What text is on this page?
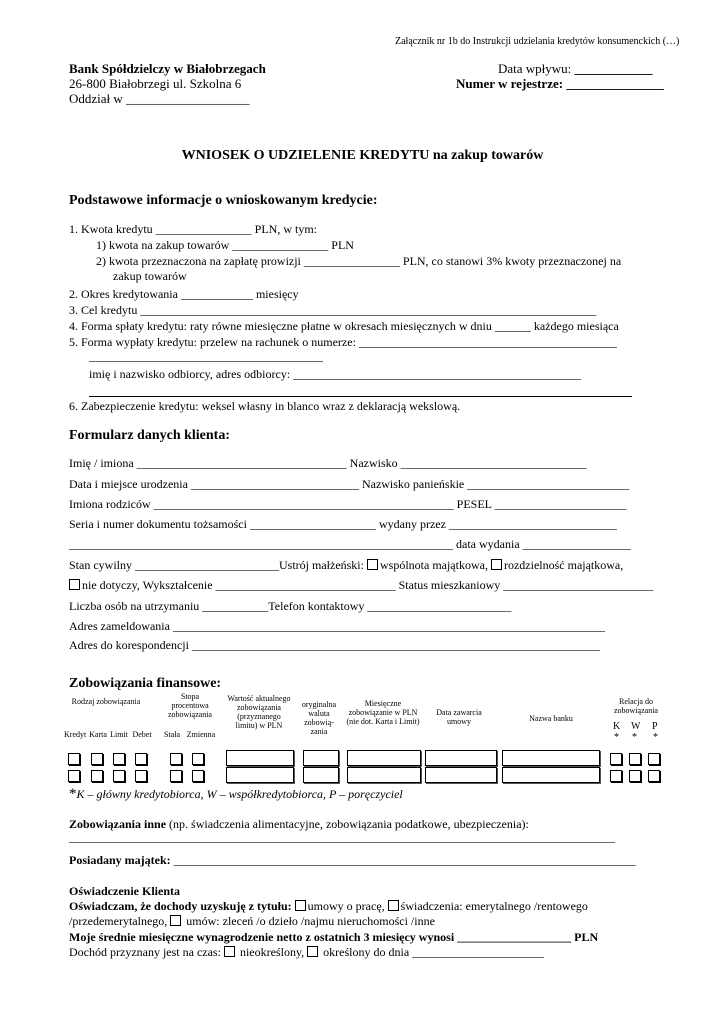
Załącznik nr 1b do Instrukcji udzielania kredytów konsumenckich (…)
Bank Spółdzielczy w Białobrzegach
26-800 Białobrzegi ul. Szkolna 6
Oddział w ___________________
Data wpływu: ____________
Numer w rejestrze: _______________
WNIOSEK O UDZIELENIE KREDYTU na zakup towarów
Podstawowe informacje o wnioskowanym kredycie:
1. Kwota kredytu ________________ PLN, w tym:
1) kwota na zakup towarów ________________ PLN
2) kwota przeznaczona na zapłatę prowizji ________________ PLN, co stanowi 3% kwoty przeznaczonej na
zakup towarów
2. Okres kredytowania ____________ miesięcy
3. Cel kredytu ____________________________________________________________________________
4. Forma spłaty kredytu: raty równe miesięczne płatne w okresach miesięcznych w dniu ______ każdego miesiąca
5. Forma wypłaty kredytu: przelew na rachunek o numerze: ___________________________________________
_______________________________________
imię i nazwisko odbiorcy, adres odbiorcy: ________________________________________________
6. Zabezpieczenie kredytu: weksel własny in blanco wraz z deklaracją wekslową.
Formularz danych klienta:
Imię / imiona ___________________________________ Nazwisko _______________________________
Data i miejsce urodzenia ____________________________ Nazwisko panieńskie ___________________________
Imiona rodziców __________________________________________________ PESEL ______________________
Seria i numer dokumentu tożsamości _____________________ wydany przez ____________________________
________________________________________________________________ data wydania __________________
Stan cywilny ________________________Ustrój małżeński: wspólnota majątkowa, rozdzielność majątkowa,
nie dotyczy, Wykształcenie ______________________________ Status mieszkaniowy _________________________
Liczba osób na utrzymaniu ___________Telefon kontaktowy ________________________
Adres zameldowania ________________________________________________________________________
Adres do korespondencji ____________________________________________________________________
Zobowiązania finansowe:
Rodzaj zobowiązania
Kredyt Karta Limit Debet
Stopa procentowa zobowiązania
Stała Zmienna
Wartość aktualnego zobowiązania (przyznanego limitu) w PLN
oryginalna waluta zobowią-zania
Miesięczne zobowiązanie w PLN (nie dot. Karta i Limit)
Data zawarcia umowy	Nazwa banku
Relacja do zobowiązania
K W P
* * *
*K – główny kredytobiorca, W – współkredytobiorca, P – poręczyciel
Zobowiązania inne (np. świadczenia alimentacyjne, zobowiązania podatkowe, ubezpieczenia):
___________________________________________________________________________________________
Posiadany majątek: _____________________________________________________________________________
Oświadczenie Klienta
Oświadczam, że dochody uzyskuję z tytułu: umowy o pracę, świadczenia: emerytalnego /rentowego
/przedemerytalnego, umów: zleceń /o dzieło /najmu nieruchomości /inne
Moje średnie miesięczne wynagrodzenie netto z ostatnich 3 miesięcy wynosi ___________________ PLN
Dochód przyznany jest na czas: nieokreślony, określony do dnia ______________________
